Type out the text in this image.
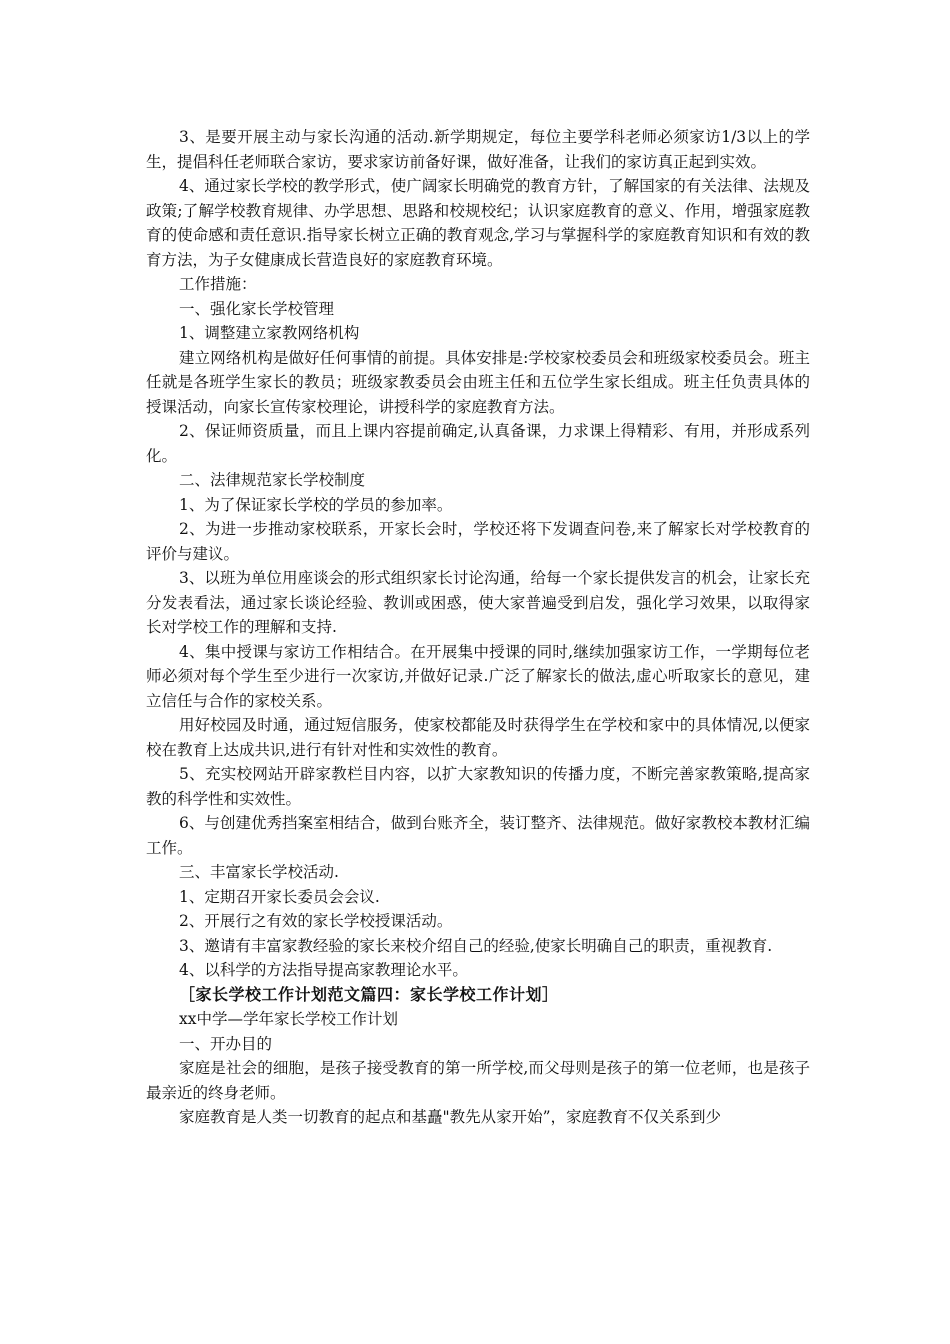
3、是要开展主动与家长沟通的活动.新学期规定，每位主要学科老师必须家访1/3以上的学生，提倡科任老师联合家访，要求家访前备好课，做好准备，让我们的家访真正起到实效。

4、通过家长学校的教学形式，使广阔家长明确党的教育方针，了解国家的有关法律、法规及政策;了解学校教育规律、办学思想、思路和校规校纪；认识家庭教育的意义、作用，增强家庭教育的使命感和责任意识.指导家长树立正确的教育观念,学习与掌握科学的家庭教育知识和有效的教育方法，为子女健康成长营造良好的家庭教育环境。

工作措施：

一、强化家长学校管理

1、调整建立家教网络机构

建立网络机构是做好任何事情的前提。具体安排是:学校家校委员会和班级家校委员会。班主任就是各班学生家长的教员；班级家教委员会由班主任和五位学生家长组成。班主任负责具体的授课活动，向家长宣传家校理论，讲授科学的家庭教育方法。

2、保证师资质量，而且上课内容提前确定,认真备课，力求课上得精彩、有用，并形成系列化。

二、法律规范家长学校制度

1、为了保证家长学校的学员的参加率。

2、为进一步推动家校联系，开家长会时，学校还将下发调查问卷,来了解家长对学校教育的评价与建议。

3、以班为单位用座谈会的形式组织家长讨论沟通，给每一个家长提供发言的机会，让家长充分发表看法，通过家长谈论经验、教训或困惑，使大家普遍受到启发，强化学习效果，以取得家长对学校工作的理解和支持.

4、集中授课与家访工作相结合。在开展集中授课的同时,继续加强家访工作，一学期每位老师必须对每个学生至少进行一次家访,并做好记录.广泛了解家长的做法,虚心听取家长的意见，建立信任与合作的家校关系。

用好校园及时通，通过短信服务，使家校都能及时获得学生在学校和家中的具体情况,以便家校在教育上达成共识,进行有针对性和实效性的教育。

5、充实校网站开辟家教栏目内容，以扩大家教知识的传播力度，不断完善家教策略,提高家教的科学性和实效性。

6、与创建优秀挡案室相结合，做到台账齐全，装订整齐、法律规范。做好家教校本教材汇编工作。

三、丰富家长学校活动.

1、定期召开家长委员会会议.

2、开展行之有效的家长学校授课活动。

3、邀请有丰富家教经验的家长来校介绍自己的经验,使家长明确自己的职责，重视教育.

4、以科学的方法指导提高家教理论水平。

［家长学校工作计划范文篇四：家长学校工作计划］

xx中学—学年家长学校工作计划

一、开办目的

家庭是社会的细胞，是孩子接受教育的第一所学校,而父母则是孩子的第一位老师，也是孩子最亲近的终身老师。

家庭教育是人类一切教育的起点和基矗"教先从家开始”，家庭教育不仅关系到少
